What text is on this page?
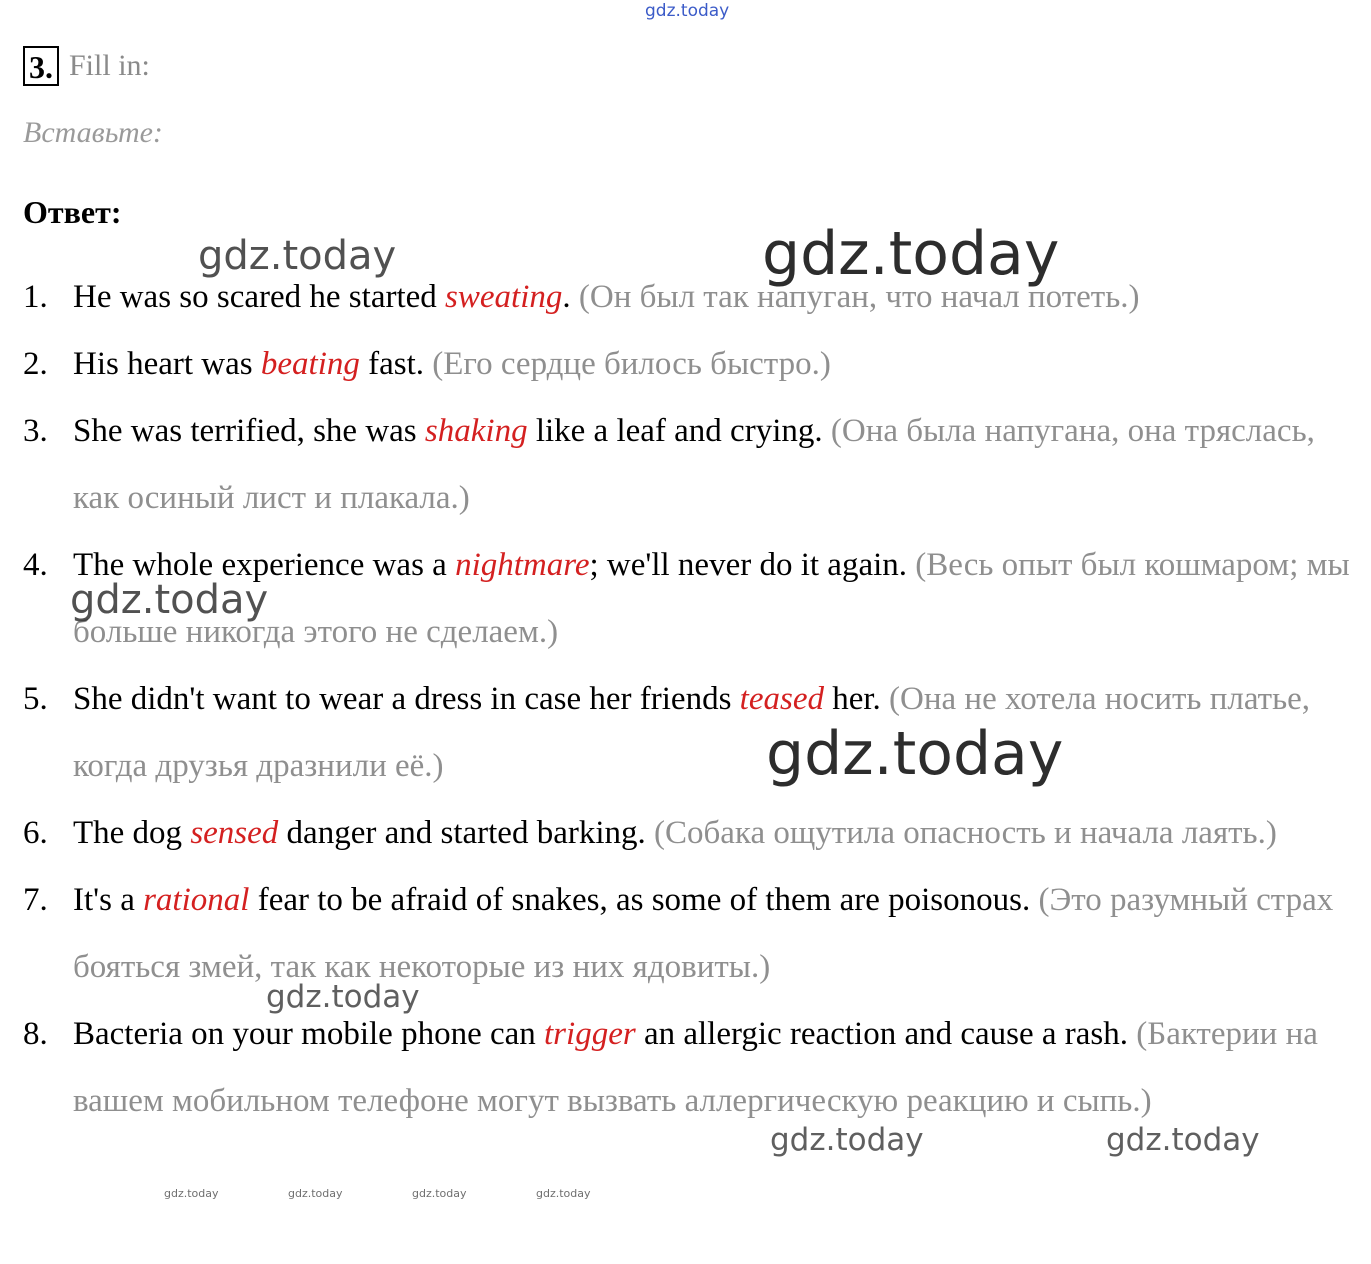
3. Fill in:
Вставьте:
Ответ:
1. He was so scared he started sweating. (Он был так напуган, что начал потеть.)
2. His heart was beating fast. (Его сердце билось быстро.)
3. She was terrified, she was shaking like a leaf and crying. (Она была напугана, она тряслась, как осиный лист и плакала.)
4. The whole experience was a nightmare; we'll never do it again. (Весь опыт был кошмаром; мы больше никогда этого не сделаем.)
5. She didn't want to wear a dress in case her friends teased her. (Она не хотела носить платье, когда друзья дразнили её.)
6. The dog sensed danger and started barking. (Собака ощутила опасность и начала лаять.)
7. It's a rational fear to be afraid of snakes, as some of them are poisonous. (Это разумный страх бояться змей, так как некоторые из них ядовиты.)
8. Bacteria on your mobile phone can trigger an allergic reaction and cause a rash. (Бактерии на вашем мобильном телефоне могут вызвать аллергическую реакцию и сыпь.)
gdz.today
gdz.today	gdz.today
gdz.today
gdz.today
gdz.today
gdz.today	gdz.today
gdz.today	gdz.today	gdz.today	gdz.today
